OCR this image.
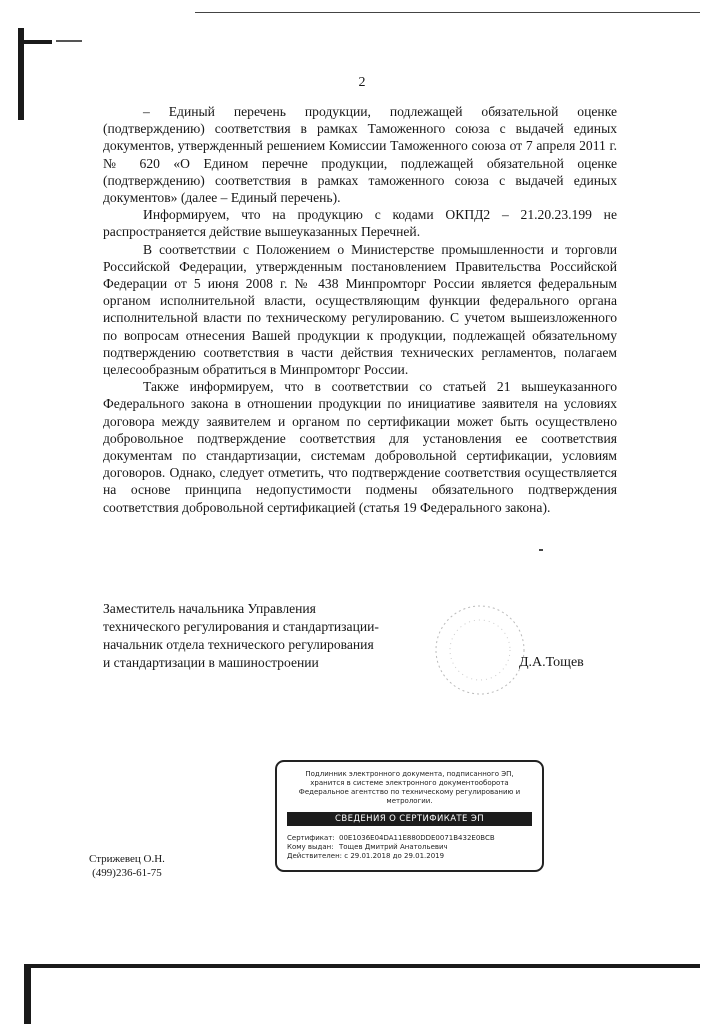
2

– Единый перечень продукции, подлежащей обязательной оценке (подтверждению) соответствия в рамках Таможенного союза с выдачей единых документов, утвержденный решением Комиссии Таможенного союза от 7 апреля 2011 г. № 620 «О Едином перечне продукции, подлежащей обязательной оценке (подтверждению) соответствия в рамках таможенного союза с выдачей единых документов» (далее – Единый перечень).

Информируем, что на продукцию с кодами ОКПД2 – 21.20.23.199 не распространяется действие вышеуказанных Перечней.

В соответствии с Положением о Министерстве промышленности и торговли Российской Федерации, утвержденным постановлением Правительства Российской Федерации от 5 июня 2008 г. № 438 Минпромторг России является федеральным органом исполнительной власти, осуществляющим функции федерального органа исполнительной власти по техническому регулированию. С учетом вышеизложенного по вопросам отнесения Вашей продукции к продукции, подлежащей обязательному подтверждению соответствия в части действия технических регламентов, полагаем целесообразным обратиться в Минпромторг России.

Также информируем, что в соответствии со статьей 21 вышеуказанного Федерального закона в отношении продукции по инициативе заявителя на условиях договора между заявителем и органом по сертификации может быть осуществлено добровольное подтверждение соответствия для установления ее соответствия документам по стандартизации, системам добровольной сертификации, условиям договоров. Однако, следует отметить, что подтверждение соответствия осуществляется на основе принципа недопустимости подмены обязательного подтверждения соответствия добровольной сертификацией (статья 19 Федерального закона).

Заместитель начальника Управления
технического регулирования и стандартизации-
начальник отдела технического регулирования
и стандартизации в машиностроении	Д.А.Тощев
Подлинник электронного документа, подписанного ЭП,
хранится в системе электронного документооборота
Федеральное агентство по техническому регулированию и
метрологии.
СВЕДЕНИЯ О СЕРТИФИКАТЕ ЭП
Сертификат: 00E1036E04DA11E880DDE0071B432E0BCB
Кому выдан: Тощев Дмитрий Анатольевич
Действителен: с 29.01.2018 до 29.01.2019
Стрижевец О.Н.
(499)236-61-75
